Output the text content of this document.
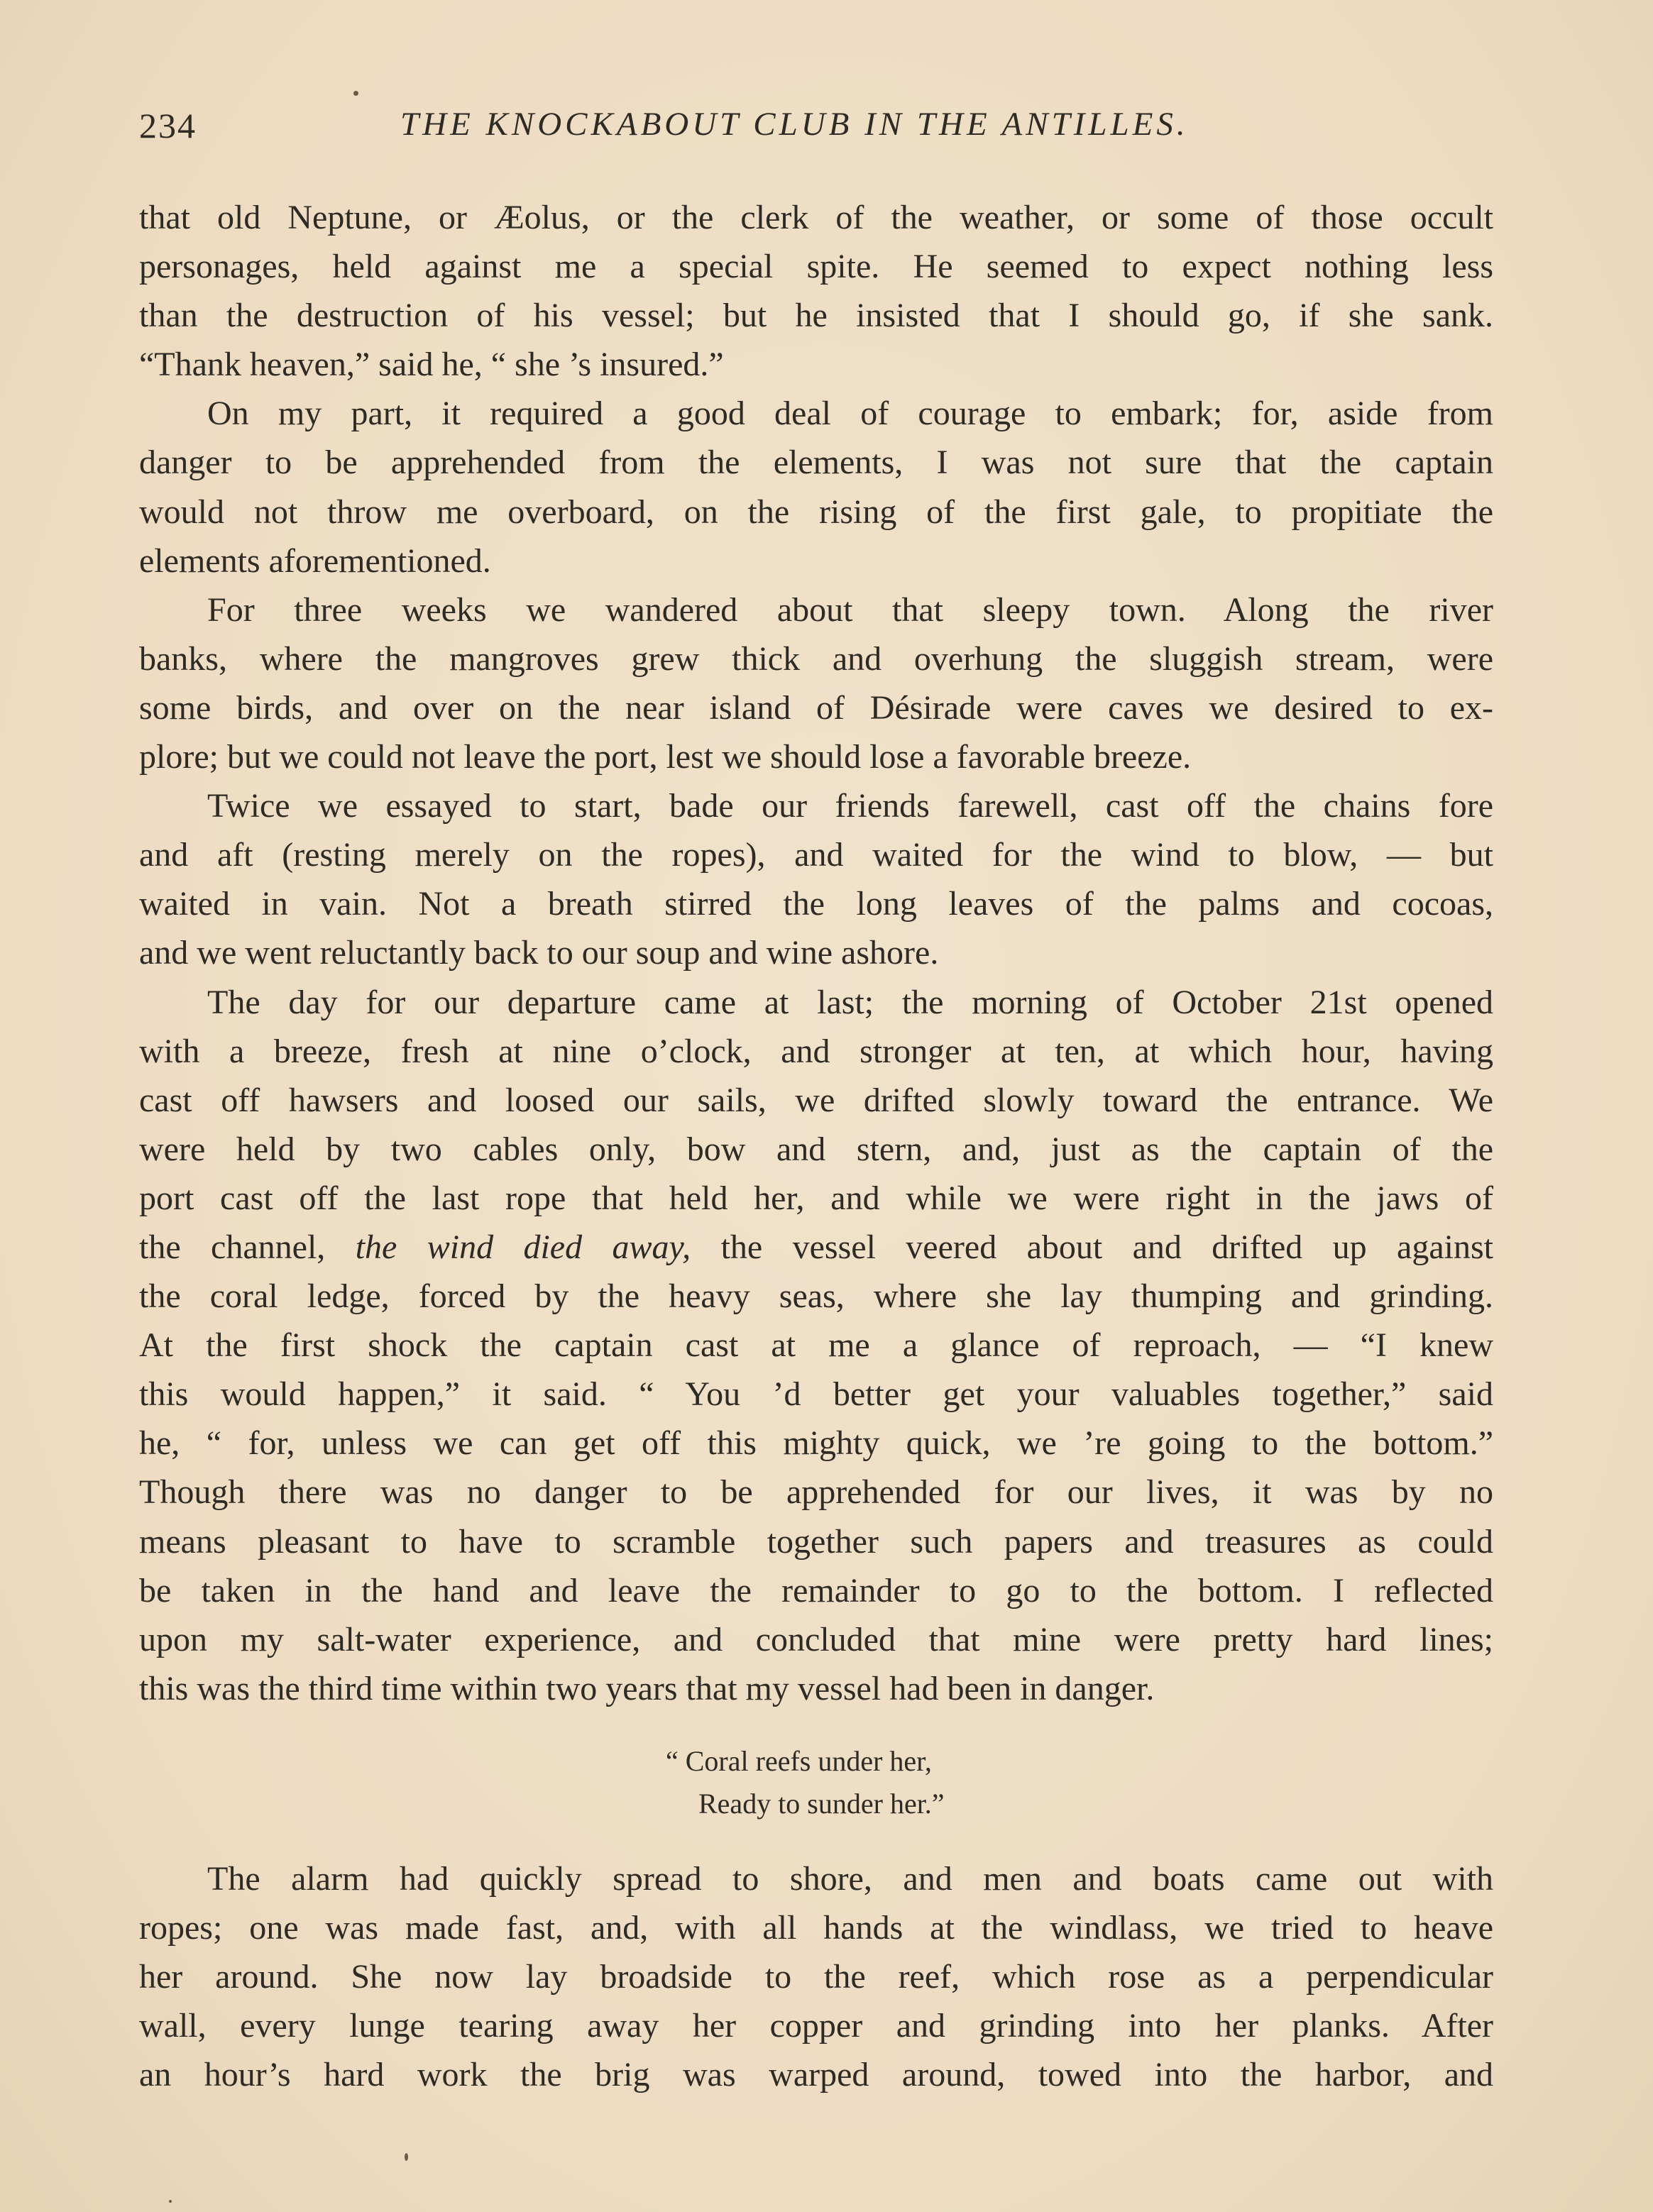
234	THE KNOCKABOUT CLUB IN THE ANTILLES.
that old Neptune, or Æolus, or the clerk of the weather, or some of those occult
personages, held against me a special spite. He seemed to expect nothing less
than the destruction of his vessel; but he insisted that I should go, if she sank.
“Thank heaven,” said he, “ she ’s insured.”
On my part, it required a good deal of courage to embark; for, aside from
danger to be apprehended from the elements, I was not sure that the captain
would not throw me overboard, on the rising of the first gale, to propitiate the
elements aforementioned.
For three weeks we wandered about that sleepy town. Along the river
banks, where the mangroves grew thick and overhung the sluggish stream, were
some birds, and over on the near island of Désirade were caves we desired to ex-
plore; but we could not leave the port, lest we should lose a favorable breeze.
Twice we essayed to start, bade our friends farewell, cast off the chains fore
and aft (resting merely on the ropes), and waited for the wind to blow, — but
waited in vain. Not a breath stirred the long leaves of the palms and cocoas,
and we went reluctantly back to our soup and wine ashore.
The day for our departure came at last; the morning of October 21st opened
with a breeze, fresh at nine o’clock, and stronger at ten, at which hour, having
cast off hawsers and loosed our sails, we drifted slowly toward the entrance. We
were held by two cables only, bow and stern, and, just as the captain of the
port cast off the last rope that held her, and while we were right in the jaws of
the channel, the wind died away, the vessel veered about and drifted up against
the coral ledge, forced by the heavy seas, where she lay thumping and grinding.
At the first shock the captain cast at me a glance of reproach, — “I knew
this would happen,” it said. “ You ’d better get your valuables together,” said
he, “ for, unless we can get off this mighty quick, we ’re going to the bottom.”
Though there was no danger to be apprehended for our lives, it was by no
means pleasant to have to scramble together such papers and treasures as could
be taken in the hand and leave the remainder to go to the bottom. I reflected
upon my salt-water experience, and concluded that mine were pretty hard lines;
this was the third time within two years that my vessel had been in danger.
“ Coral reefs under her,
Ready to sunder her.”
The alarm had quickly spread to shore, and men and boats came out with
ropes; one was made fast, and, with all hands at the windlass, we tried to heave
her around. She now lay broadside to the reef, which rose as a perpendicular
wall, every lunge tearing away her copper and grinding into her planks. After
an hour’s hard work the brig was warped around, towed into the harbor, and
